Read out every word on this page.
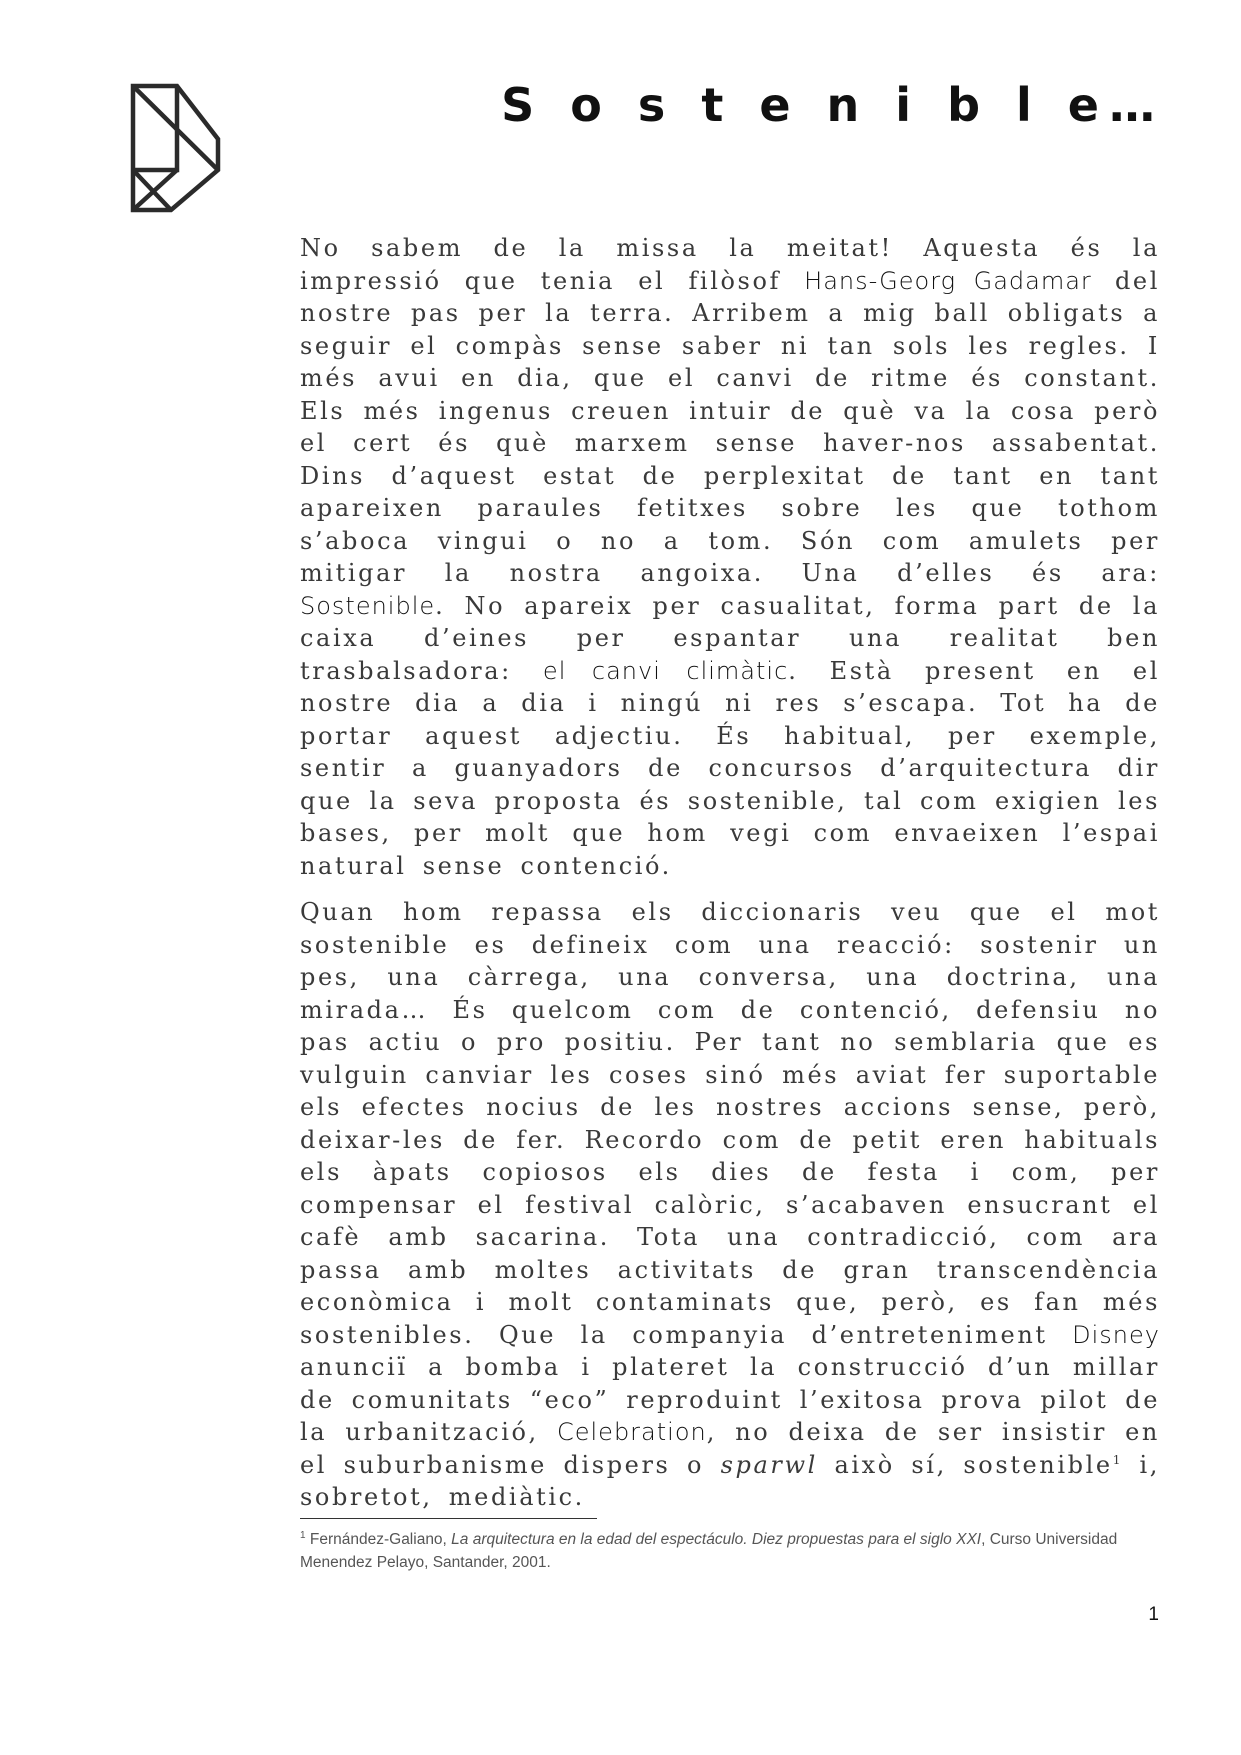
S o s t e n i b l e…

No sabem de la missa la meitat! Aquesta és la impressió que tenia el filòsof Hans-Georg Gadamar del nostre pas per la terra. Arribem a mig ball obligats a seguir el compàs sense saber ni tan sols les regles. I més avui en dia, que el canvi de ritme és constant. Els més ingenus creuen intuir de què va la cosa però el cert és què marxem sense haver-nos assabentat. Dins d’aquest estat de perplexitat de tant en tant apareixen paraules fetitxes sobre les que tothom s’aboca vingui o no a tom. Són com amulets per mitigar la nostra angoixa. Una d’elles és ara: Sostenible. No apareix per casualitat, forma part de la caixa d’eines per espantar una realitat ben trasbalsadora: el canvi climàtic. Està present en el nostre dia a dia i ningú ni res s’escapa. Tot ha de portar aquest adjectiu. És habitual, per exemple, sentir a guanyadors de concursos d’arquitectura dir que la seva proposta és sostenible, tal com exigien les bases, per molt que hom vegi com envaeixen l’espai natural sense contenció.

Quan hom repassa els diccionaris veu que el mot sostenible es defineix com una reacció: sostenir un pes, una càrrega, una conversa, una doctrina, una mirada… És quelcom com de contenció, defensiu no pas actiu o pro positiu. Per tant no semblaria que es vulguin canviar les coses sinó més aviat fer suportable els efectes nocius de les nostres accions sense, però, deixar-les de fer. Recordo com de petit eren habituals els àpats copiosos els dies de festa i com, per compensar el festival calòric, s’acabaven ensucrant el cafè amb sacarina. Tota una contradicció, com ara passa amb moltes activitats de gran transcendència econòmica i molt contaminats que, però, es fan més sostenibles. Que la companyia d’entreteniment Disney anunciï a bomba i plateret la construcció d’un millar de comunitats “eco” reproduint l’exitosa prova pilot de la urbanització, Celebration, no deixa de ser insistir en el suburbanisme dispers o sparwl això sí, sostenible$^1$ i, sobretot, mediàtic.

$^1$ Fernández-Galiano, La arquitectura en la edad del espectáculo. Diez propuestas para el siglo XXI, Curso Universidad Menendez Pelayo, Santander, 2001.

1
